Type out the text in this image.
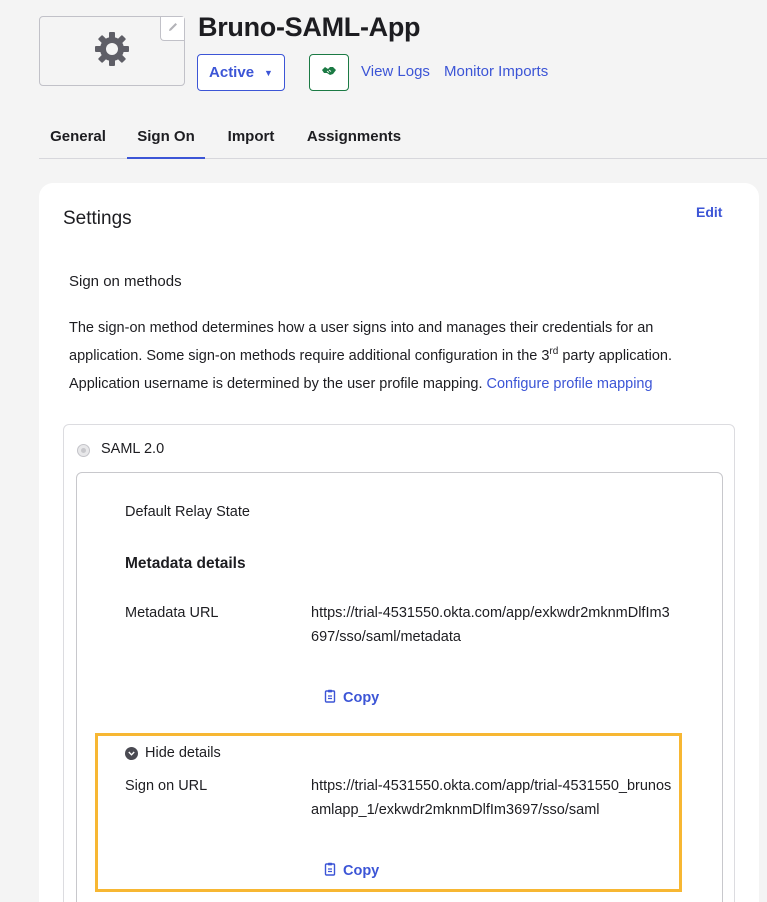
Bruno-SAML-App
Active ▼	View Logs Monitor Imports
General	Sign On	Import	Assignments
Settings	Edit
Sign on methods
The sign-on method determines how a user signs into and manages their credentials for an application. Some sign-on methods require additional configuration in the 3rd party application.
Application username is determined by the user profile mapping. Configure profile mapping
SAML 2.0
Default Relay State
Metadata details
Metadata URL	https://trial-4531550.okta.com/app/exkwdr2mknmDlfIm3697/sso/saml/metadata
Copy
Hide details
Sign on URL	https://trial-4531550.okta.com/app/trial-4531550_brunosamlapp_1/exkwdr2mknmDlfIm3697/sso/saml
Copy
